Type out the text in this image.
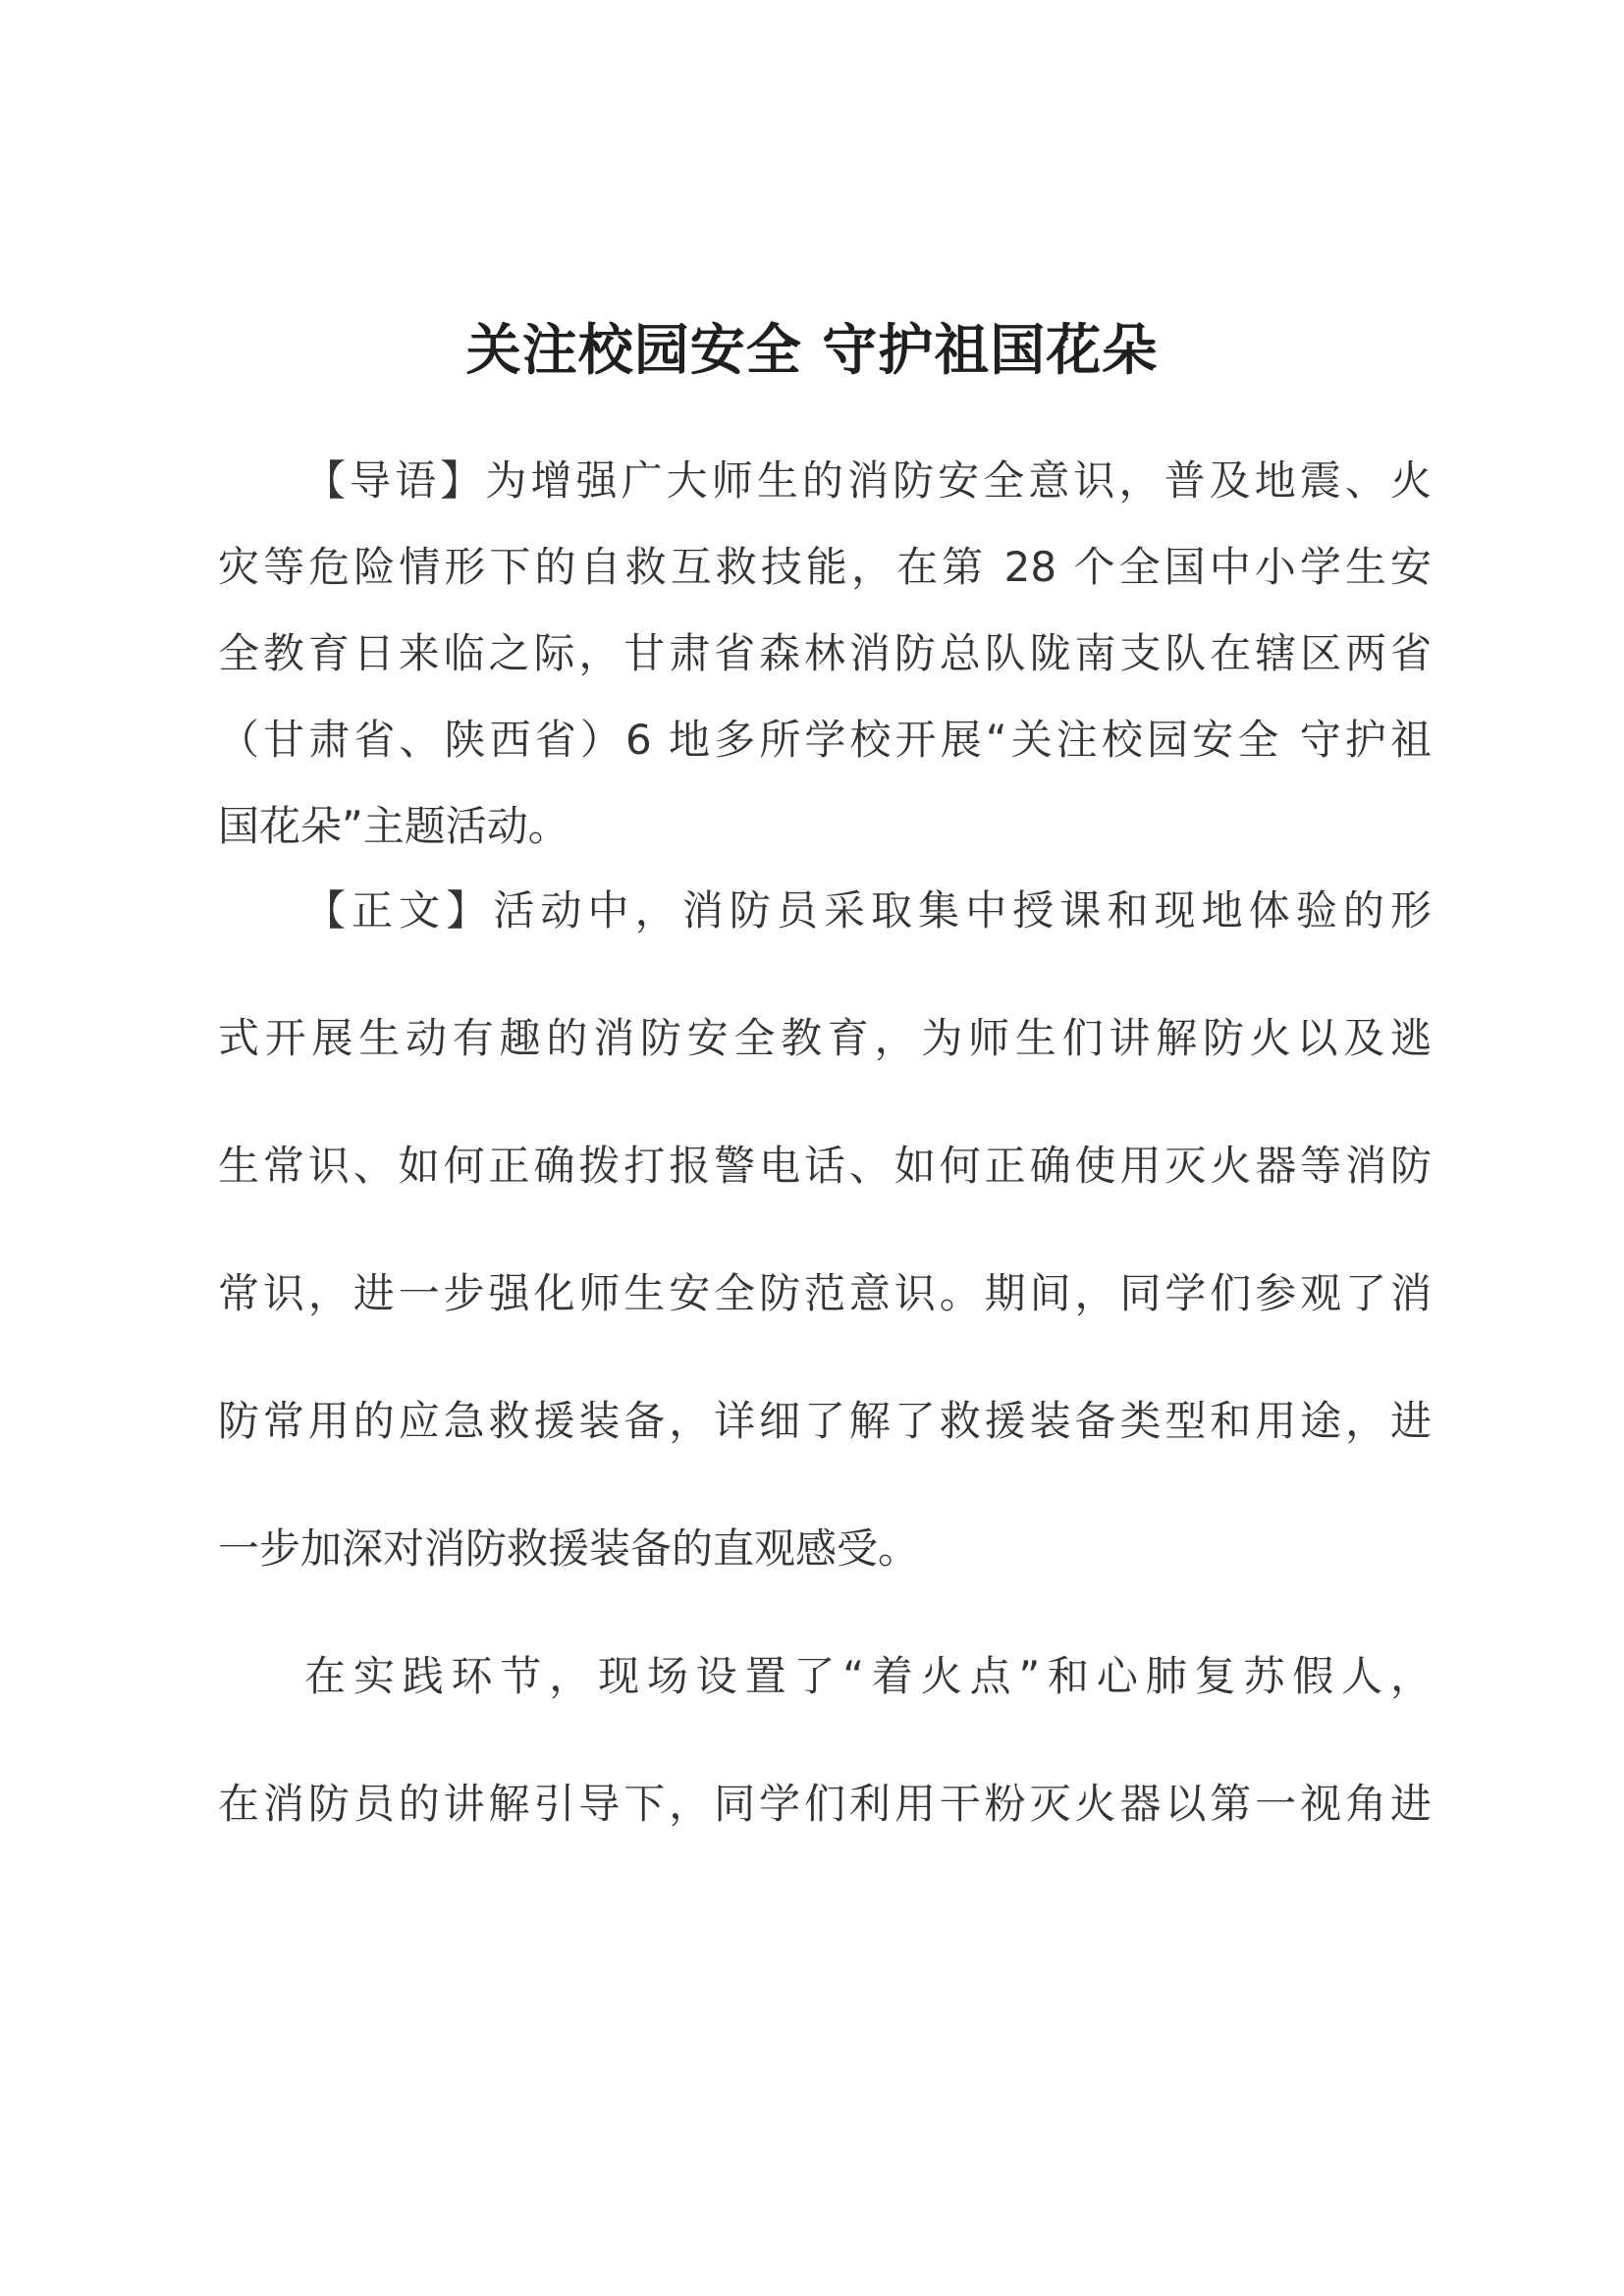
关注校园安全 守护祖国花朵
【导语】为增强广大师生的消防安全意识，普及地震、火
灾等危险情形下的自救互救技能，在第 28 个全国中小学生安
全教育日来临之际，甘肃省森林消防总队陇南支队在辖区两省
（甘肃省、陕西省）6 地多所学校开展“关注校园安全 守护祖
国花朵”主题活动。
【正文】活动中，消防员采取集中授课和现地体验的形
式开展生动有趣的消防安全教育，为师生们讲解防火以及逃
生常识、如何正确拨打报警电话、如何正确使用灭火器等消防
常识，进一步强化师生安全防范意识。期间，同学们参观了消
防常用的应急救援装备，详细了解了救援装备类型和用途，进
一步加深对消防救援装备的直观感受。
在实践环节，现场设置了“着火点”和心肺复苏假人，
在消防员的讲解引导下，同学们利用干粉灭火器以第一视角进
